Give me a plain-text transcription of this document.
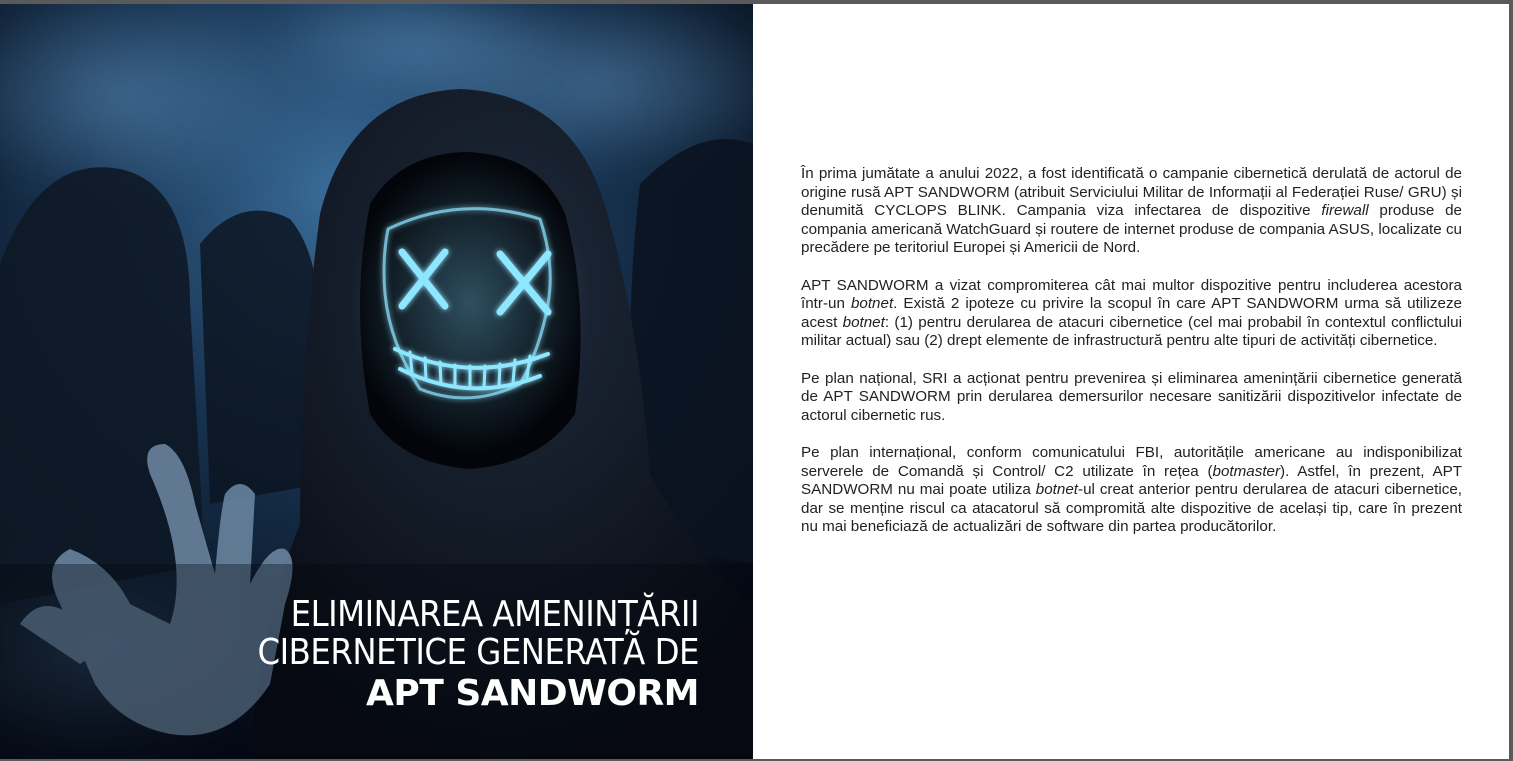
ELIMINAREA AMENINȚĂRII
CIBERNETICE GENERATĂ DE
APT SANDWORM

În prima jumătate a anului 2022, a fost identificată o campanie cibernetică derulată de actorul de origine rusă APT SANDWORM (atribuit Serviciului Militar de Informații al Federației Ruse/ GRU) și denumită CYCLOPS BLINK. Campania viza infectarea de dispozitive firewall produse de compania americană WatchGuard și routere de internet produse de compania ASUS, localizate cu precădere pe teritoriul Europei și Americii de Nord.

APT SANDWORM a vizat compromiterea cât mai multor dispozitive pentru includerea acestora într-un botnet. Există 2 ipoteze cu privire la scopul în care APT SANDWORM urma să utilizeze acest botnet: (1) pentru derularea de atacuri cibernetice (cel mai probabil în contextul conflictului militar actual) sau (2) drept elemente de infrastructură pentru alte tipuri de activități cibernetice.

Pe plan național, SRI a acționat pentru prevenirea și eliminarea amenințării cibernetice generată de APT SANDWORM prin derularea demersurilor necesare sanitizării dispozitivelor infectate de actorul cibernetic rus.

Pe plan internațional, conform comunicatului FBI, autoritățile americane au indisponibilizat serverele de Comandă și Control/ C2 utilizate în rețea (botmaster). Astfel, în prezent, APT SANDWORM nu mai poate utiliza botnet-ul creat anterior pentru derularea de atacuri cibernetice, dar se menține riscul ca atacatorul să compromită alte dispozitive de același tip, care în prezent nu mai beneficiază de actualizări de software din partea producătorilor.
